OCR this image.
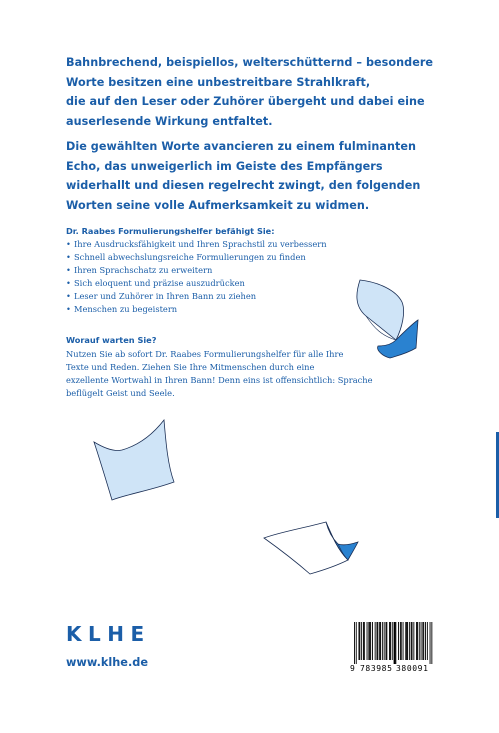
Bahnbrechend, beispiellos, welterschütternd – besondere
Worte besitzen eine unbestreitbare Strahlkraft,
die auf den Leser oder Zuhörer übergeht und dabei eine
auserlesende Wirkung entfaltet.
Die gewählten Worte avancieren zu einem fulminanten
Echo, das unweigerlich im Geiste des Empfängers
widerhallt und diesen regelrecht zwingt, den folgenden
Worten seine volle Aufmerksamkeit zu widmen.
Dr. Raabes Formulierungshelfer befähigt Sie:
• Ihre Ausdrucksfähigkeit und Ihren Sprachstil zu verbessern
• Schnell abwechslungsreiche Formulierungen zu finden
• Ihren Sprachschatz zu erweitern
• Sich eloquent und präzise auszudrücken
• Leser und Zuhörer in Ihren Bann zu ziehen
• Menschen zu begeistern
Worauf warten Sie?
Nutzen Sie ab sofort Dr. Raabes Formulierungshelfer für alle Ihre
Texte und Reden. Ziehen Sie Ihre Mitmenschen durch eine
exzellente Wortwahl in Ihren Bann! Denn eins ist offensichtlich: Sprache
beflügelt Geist und Seele.
KLHE
www.klhe.de	9 783985 380091
